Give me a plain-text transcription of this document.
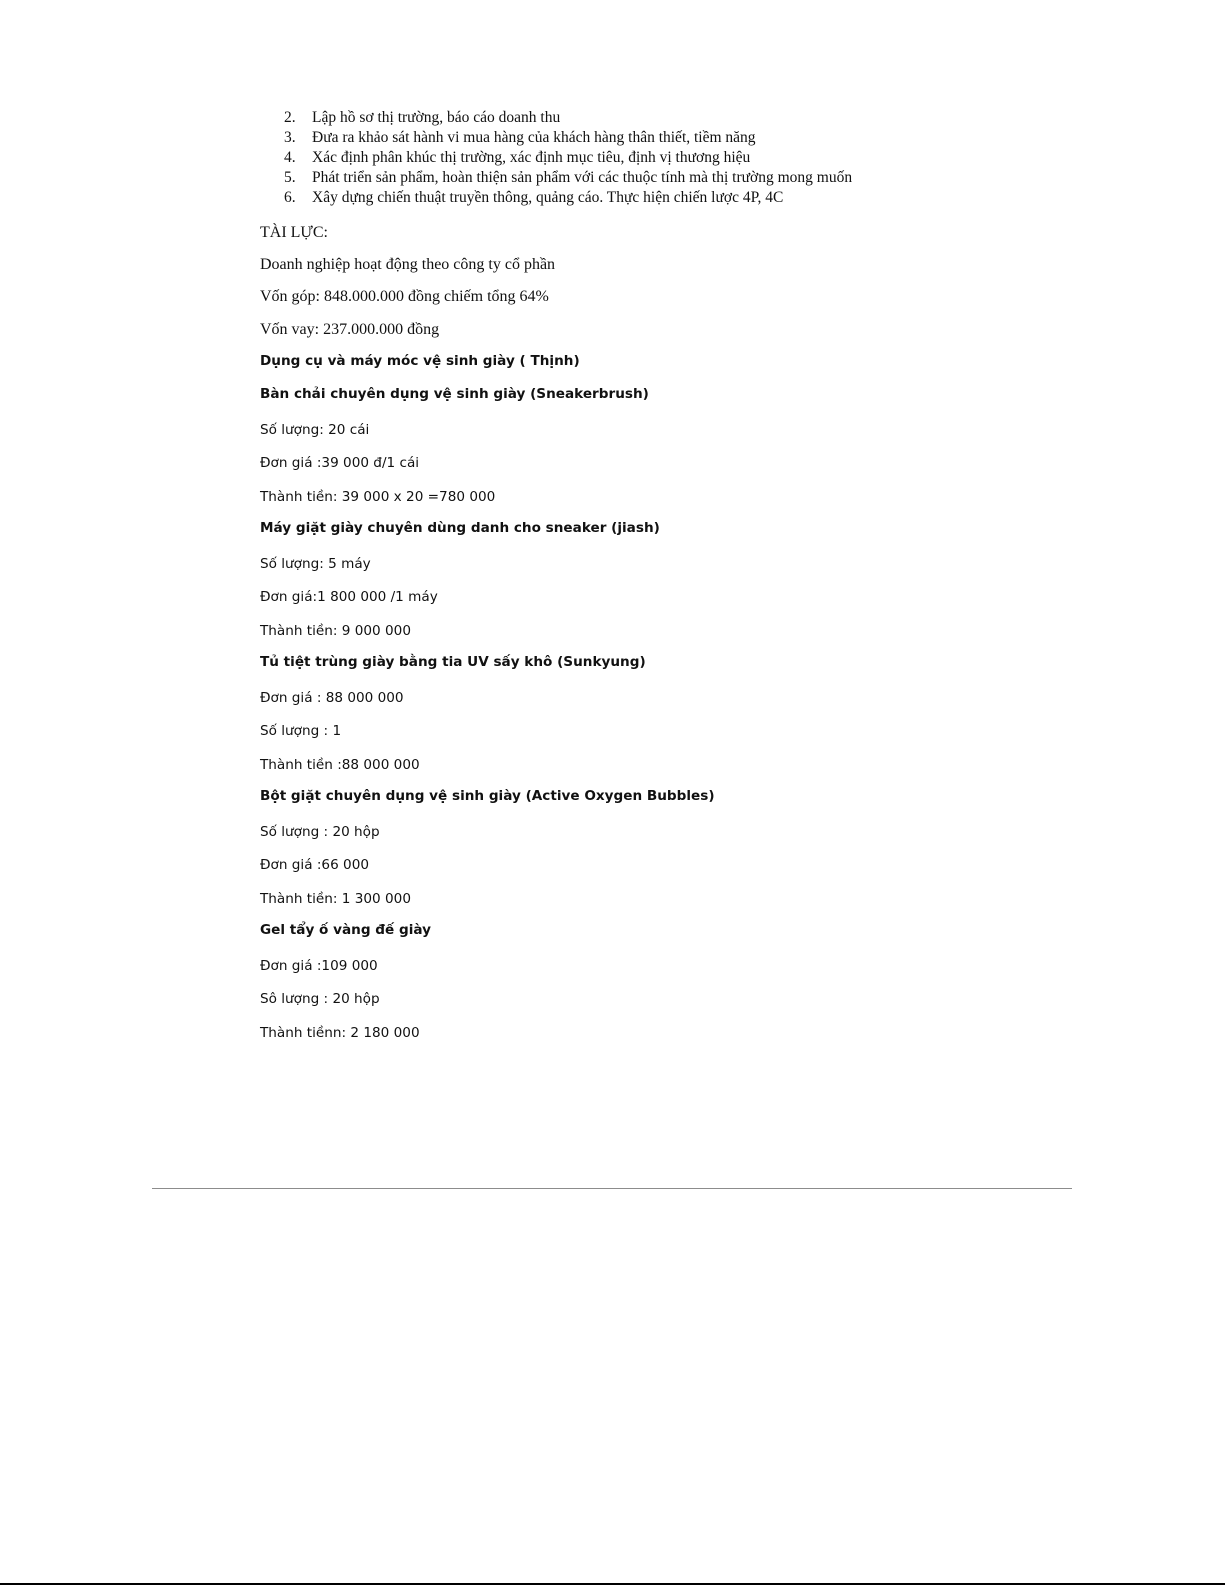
2. Lập hồ sơ thị trường, báo cáo doanh thu
3. Đưa ra khảo sát hành vi mua hàng của khách hàng thân thiết, tiềm năng
4. Xác định phân khúc thị trường, xác định mục tiêu, định vị thương hiệu
5. Phát triển sản phẩm, hoàn thiện sản phẩm với các thuộc tính mà thị trường mong muốn
6. Xây dựng chiến thuật truyền thông, quảng cáo. Thực hiện chiến lược 4P, 4C
TÀI LỰC:
Doanh nghiệp hoạt động theo công ty cổ phần
Vốn góp: 848.000.000 đồng chiếm tổng 64%
Vốn vay: 237.000.000 đồng
Dụng cụ và máy móc vệ sinh giày ( Thịnh)
Bàn chải chuyên dụng vệ sinh giày (Sneakerbrush)
Số lượng: 20 cái
Đơn giá :39 000 đ/1 cái
Thành tiền: 39 000 x 20 =780 000
Máy giặt giày chuyên dùng danh cho sneaker (jiash)
Số lượng: 5 máy
Đơn giá:1 800 000 /1 máy
Thành tiền: 9 000 000
Tủ tiệt trùng giày bằng tia UV sấy khô (Sunkyung)
Đơn giá : 88 000 000
Số lượng : 1
Thành tiền :88 000 000
Bột giặt chuyên dụng vệ sinh giày (Active Oxygen Bubbles)
Số lượng : 20 hộp
Đơn giá :66 000
Thành tiền: 1 300 000
Gel tẩy ố vàng đế giày
Đơn giá :109 000
Sô lượng : 20 hộp
Thành tiềnn: 2 180 000
